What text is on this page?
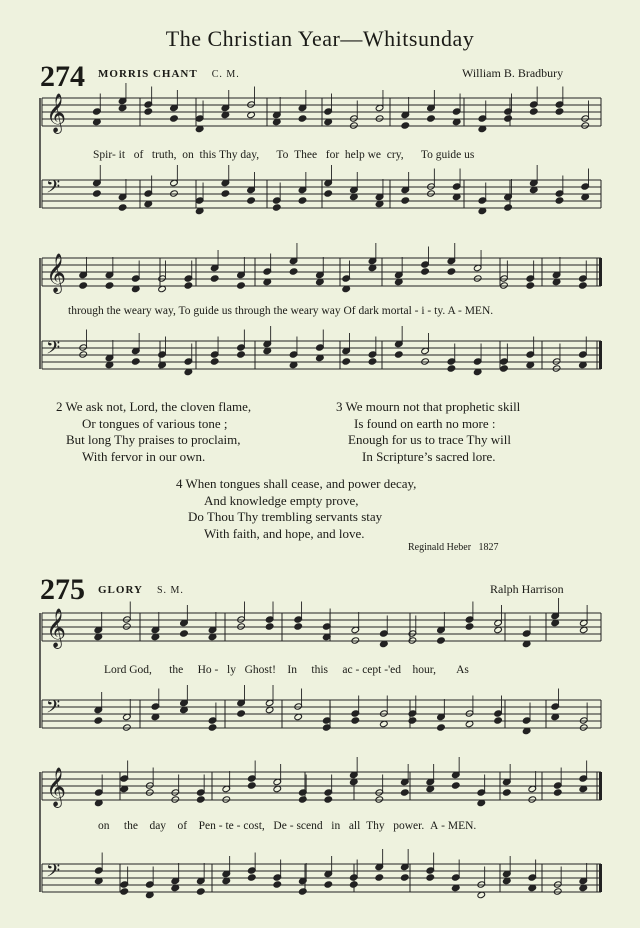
The Christian Year—Whitsunday
274 MORRIS CHANT C. M.	William B. Bradbury
275 GLORY S. M.	Ralph Harrison
𝄞
𝄢
𝄞
𝄢
𝄞
𝄢
𝄞
𝄢
Spir- it of truth, on this Thy day, To Thee for help we cry, To guide us
through the weary way, To guide us through the weary way Of dark mortal - i - ty. A - MEN.
2 We ask not, Lord, the cloven flame,
Or tongues of various tone ;
But long Thy praises to proclaim,
With fervor in our own.
3 We mourn not that prophetic skill
Is found on earth no more :
Enough for us to trace Thy will
In Scripture’s sacred lore.
4 When tongues shall cease, and power decay,
And knowledge empty prove,
Do Thou Thy trembling servants stay
With faith, and hope, and love.
Reginald Heber 1827
Lord God, the Ho - ly Ghost! In this ac - cept -'ed hour, As
on the day of Pen - te - cost, De - scend in all Thy power. A - MEN.
